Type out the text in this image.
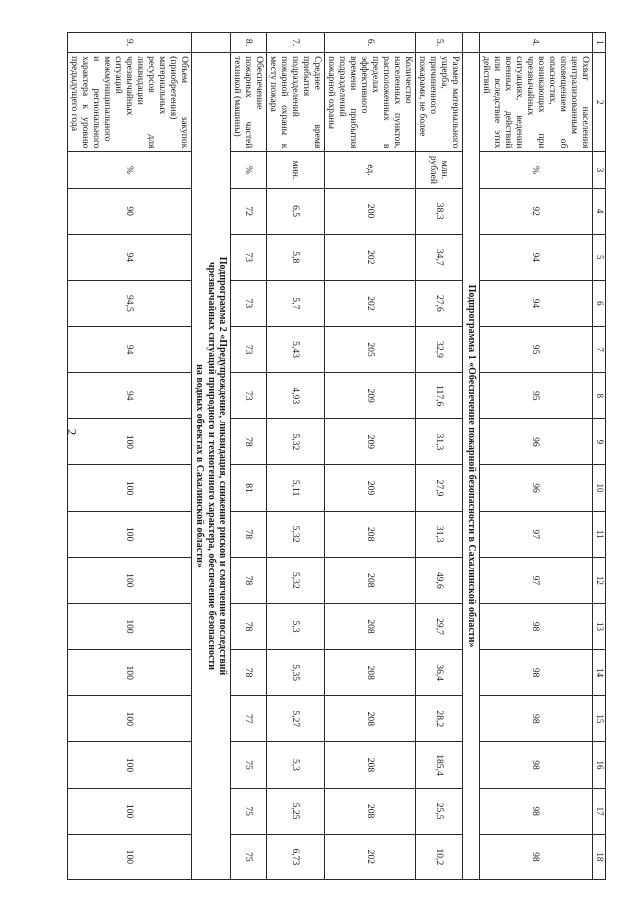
2
1	2	3	4	5	6	7	8	9	10	11	12	13	14	15	16	17	18
4.	Охват населения централизованным оповещением об опасностях, возникающих при чрезвычайных ситуациях, ведении военных действий или вследствие этих действий	%	92	94	94	95	95	96	96	97	97	98	98	98	98	98	98

	Подпрограмма 1 «Обеспечение пожарной безопасности в Сахалинской области»																

5.	Размер материального ущерба, причиненного пожарами, не более	млн. рублей	38,3	34,7	27,6	32,9	117,6	31,3	27,9	31,3	49,6	29,7	36,4	28,2	185,4	25,5	10,2
6.	Количество населенных пунктов, расположенных в пределах эффективного времени прибытия подразделений пожарной охраны	ед.	200	202	202	205	209	209	209	208	208	208	208	208	208	208	202
7.	Среднее время прибытия подразделений пожарной охраны к месту пожара	мин.	6,5	5,8	5,7	5,43	4,93	5,32	5,11	5,32	5,32	5,3	5,35	5,27	5,3	5,25	6,73
8.	Обеспечение пожарных частей техникой (машины)	%	72	73	73	73	73	78	81	78	78	78	78	77	75	75	75

	Подпрограмма 2 «Предупреждение, ликвидация, снижение рисков и смягчение последствий
чрезвычайных ситуаций природного и техногенного характера, обеспечение безопасности
на водных объектах в Сахалинской области»																

9.	Объем закупок (приобретения) материальных ресурсов для ликвидации чрезвычайных ситуаций межмуниципального и регионального характера к уровню предыдущего года	%	90	94	94,5	94	94	100	100	100	100	100	100	100	100	100	100
